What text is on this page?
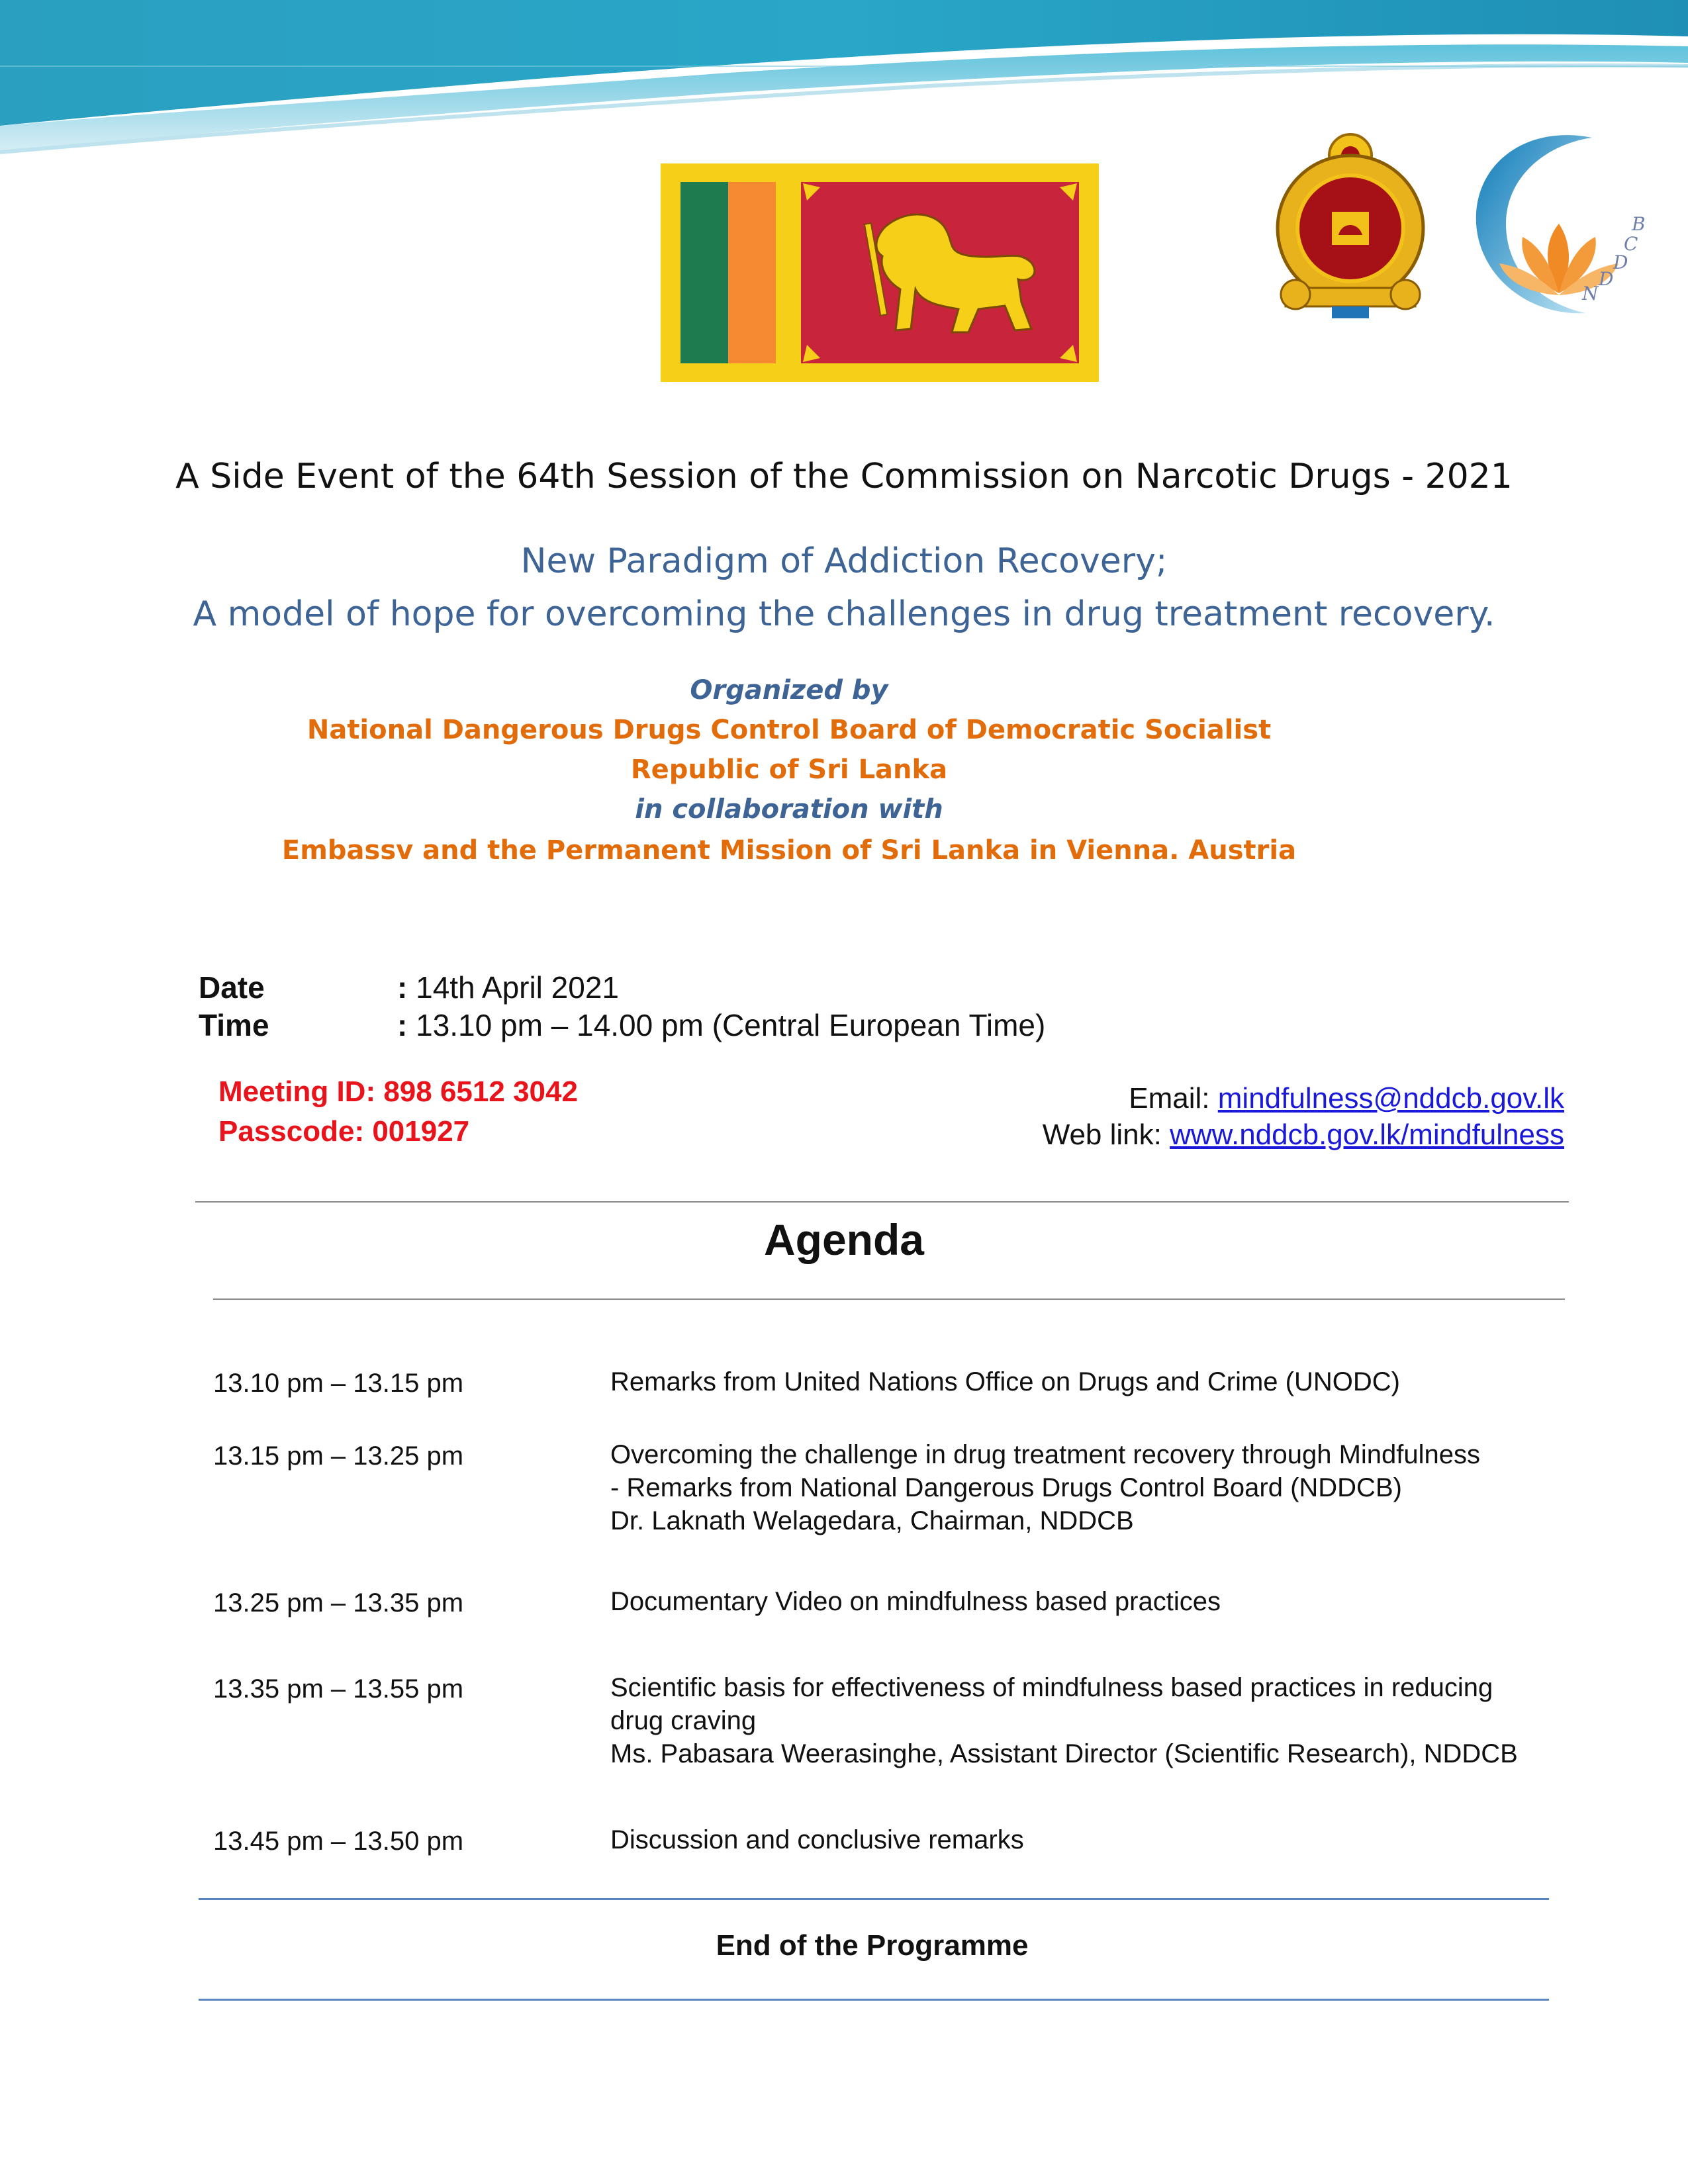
B
C
D
D
N
A Side Event of the 64th Session of the Commission on Narcotic Drugs - 2021
New Paradigm of Addiction Recovery;
A model of hope for overcoming the challenges in drug treatment recovery.
Organized by
National Dangerous Drugs Control Board of Democratic Socialist
Republic of Sri Lanka
in collaboration with
Embassv and the Permanent Mission of Sri Lanka in Vienna. Austria
Date	: 14th April 2021
Time	: 13.10 pm – 14.00 pm (Central European Time)
Meeting ID: 898 6512 3042
Passcode: 001927
Email: mindfulness@nddcb.gov.lk
Web link: www.nddcb.gov.lk/mindfulness
Agenda
13.10 pm – 13.15 pm	Remarks from United Nations Office on Drugs and Crime (UNODC)
13.15 pm – 13.25 pm	Overcoming the challenge in drug treatment recovery through Mindfulness
- Remarks from National Dangerous Drugs Control Board (NDDCB)
Dr. Laknath Welagedara, Chairman, NDDCB
13.25 pm – 13.35 pm	Documentary Video on mindfulness based practices
13.35 pm – 13.55 pm	Scientific basis for effectiveness of mindfulness based practices in reducing
drug craving
Ms. Pabasara Weerasinghe, Assistant Director (Scientific Research), NDDCB
13.45 pm – 13.50 pm	Discussion and conclusive remarks
End of the Programme
